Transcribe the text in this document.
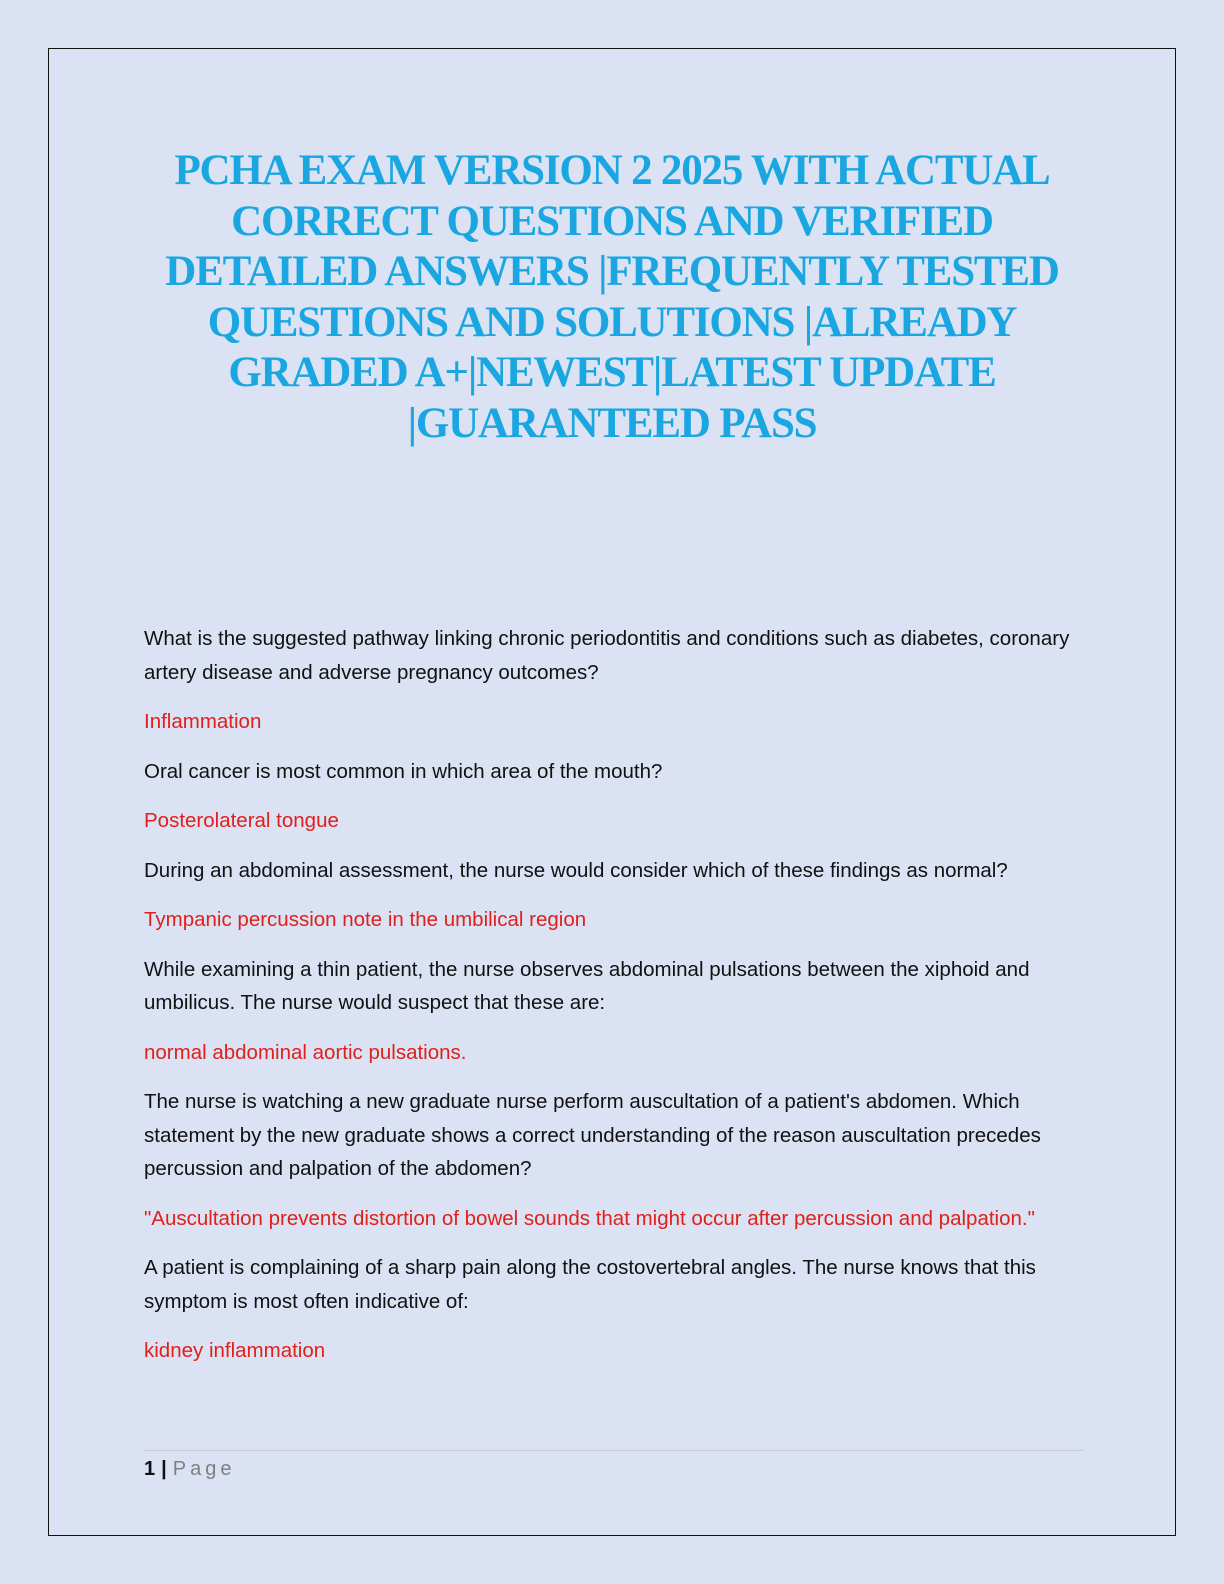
PCHA EXAM VERSION 2 2025 WITH ACTUAL CORRECT QUESTIONS AND VERIFIED DETAILED ANSWERS |FREQUENTLY TESTED QUESTIONS AND SOLUTIONS |ALREADY GRADED A+|NEWEST|LATEST UPDATE |GUARANTEED PASS

What is the suggested pathway linking chronic periodontitis and conditions such as diabetes, coronary artery disease and adverse pregnancy outcomes?

Inflammation

Oral cancer is most common in which area of the mouth?

Posterolateral tongue

During an abdominal assessment, the nurse would consider which of these findings as normal?

Tympanic percussion note in the umbilical region

While examining a thin patient, the nurse observes abdominal pulsations between the xiphoid and umbilicus. The nurse would suspect that these are:

normal abdominal aortic pulsations.

The nurse is watching a new graduate nurse perform auscultation of a patient's abdomen. Which statement by the new graduate shows a correct understanding of the reason auscultation precedes percussion and palpation of the abdomen?

"Auscultation prevents distortion of bowel sounds that might occur after percussion and palpation."

A patient is complaining of a sharp pain along the costovertebral angles. The nurse knows that this symptom is most often indicative of:

kidney inflammation

1 | Page
